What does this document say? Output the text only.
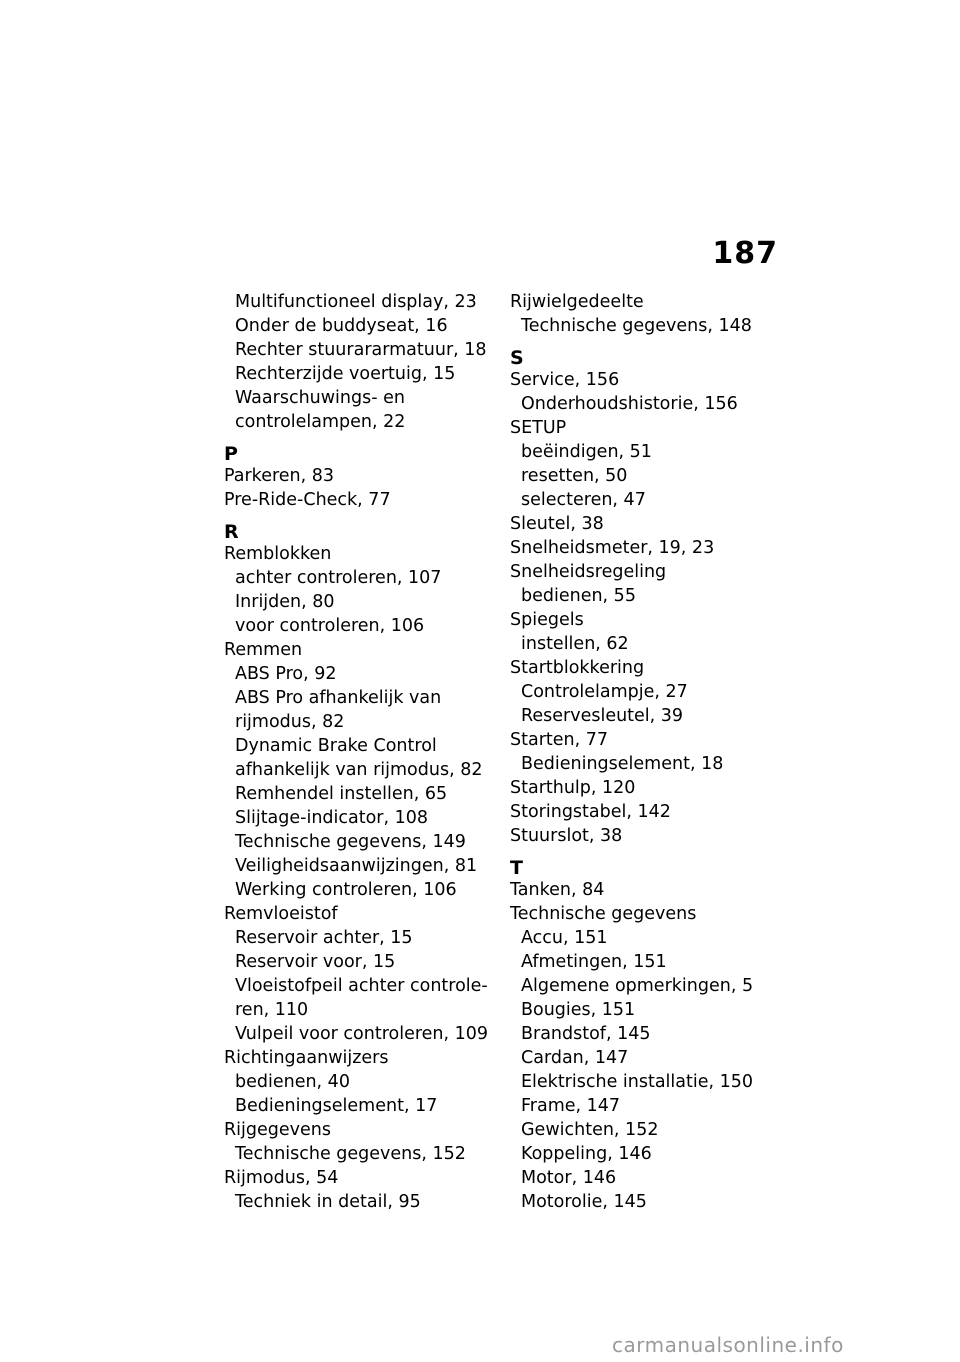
187
Multifunctioneel display, 23
Onder de buddyseat, 16
Rechter stuurararmatuur, 18
Rechterzijde voertuig, 15
Waarschuwings- en
controlelampen, 22
P
Parkeren, 83
Pre-Ride-Check, 77
R
Remblokken
achter controleren, 107
Inrijden, 80
voor controleren, 106
Remmen
ABS Pro, 92
ABS Pro afhankelijk van
rijmodus, 82
Dynamic Brake Control
afhankelijk van rijmodus, 82
Remhendel instellen, 65
Slijtage-indicator, 108
Technische gegevens, 149
Veiligheidsaanwijzingen, 81
Werking controleren, 106
Remvloeistof
Reservoir achter, 15
Reservoir voor, 15
Vloeistofpeil achter controle-
ren, 110
Vulpeil voor controleren, 109
Richtingaanwijzers
bedienen, 40
Bedieningselement, 17
Rijgegevens
Technische gegevens, 152
Rijmodus, 54
Techniek in detail, 95
Rijwielgedeelte
Technische gegevens, 148
S
Service, 156
Onderhoudshistorie, 156
SETUP
beëindigen, 51
resetten, 50
selecteren, 47
Sleutel, 38
Snelheidsmeter, 19, 23
Snelheidsregeling
bedienen, 55
Spiegels
instellen, 62
Startblokkering
Controlelampje, 27
Reservesleutel, 39
Starten, 77
Bedieningselement, 18
Starthulp, 120
Storingstabel, 142
Stuurslot, 38
T
Tanken, 84
Technische gegevens
Accu, 151
Afmetingen, 151
Algemene opmerkingen, 5
Bougies, 151
Brandstof, 145
Cardan, 147
Elektrische installatie, 150
Frame, 147
Gewichten, 152
Koppeling, 146
Motor, 146
Motorolie, 145
carmanualsonline.info
